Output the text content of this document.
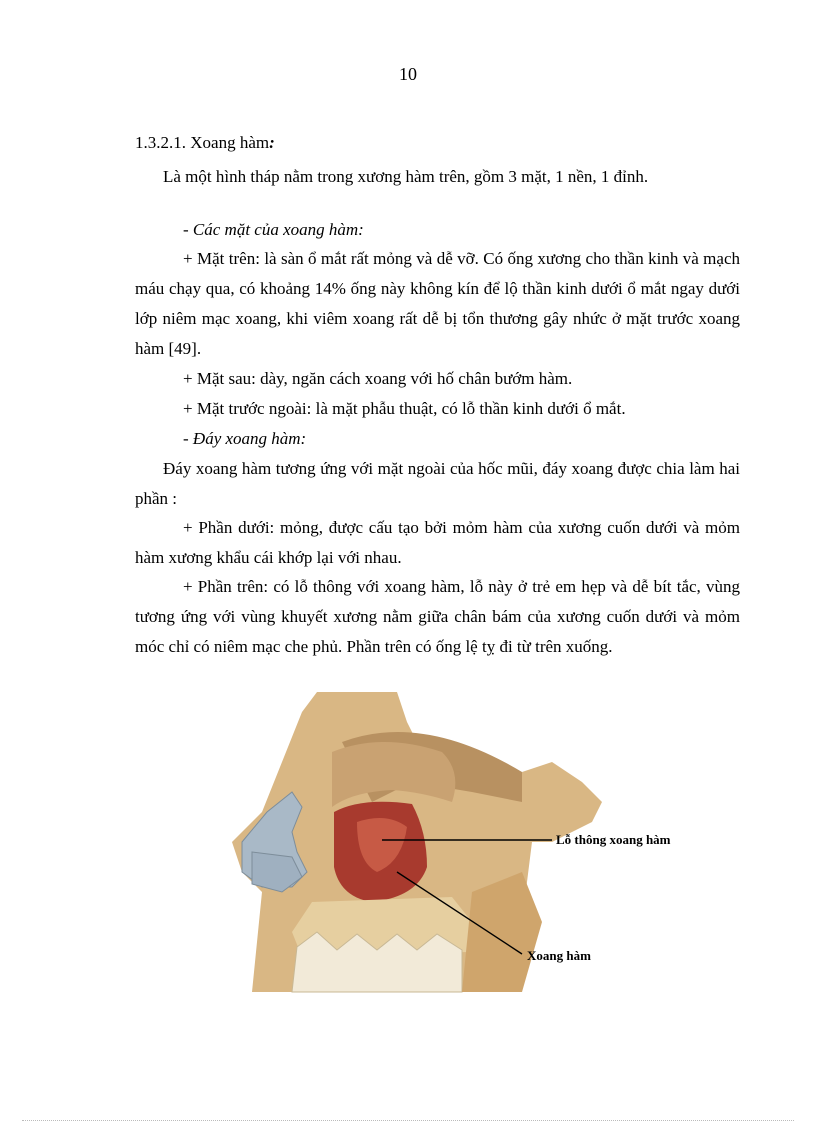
10
1.3.2.1. Xoang hàm:
Là một hình tháp nằm trong xương hàm trên, gồm 3 mặt, 1 nền, 1 đỉnh.
- Các mặt của xoang hàm:
+ Mặt trên: là sàn ổ mắt rất mỏng và dễ vỡ. Có ống xương cho thần kinh và mạch máu chạy qua, có khoảng 14% ống này không kín để lộ thần kinh dưới ổ mắt ngay dưới lớp niêm mạc xoang, khi viêm xoang rất dễ bị tổn thương gây nhức ở mặt trước xoang hàm [49].
+ Mặt sau: dày, ngăn cách xoang với hố chân bướm hàm.
+ Mặt trước ngoài: là mặt phẫu thuật, có lỗ thần kinh dưới ổ mắt.
- Đáy xoang hàm:
Đáy xoang hàm tương ứng với mặt ngoài của hốc mũi, đáy xoang được chia làm hai phần :
+ Phần dưới: mỏng, được cấu tạo bởi mỏm hàm của xương cuốn dưới và mỏm hàm xương khẩu cái khớp lại với nhau.
+ Phần trên: có lỗ thông với xoang hàm, lỗ này ở trẻ em hẹp và dễ bít tắc, vùng tương ứng với vùng khuyết xương nằm giữa chân bám của xương cuốn dưới và mỏm móc chỉ có niêm mạc che phủ. Phần trên có ống lệ tỵ đi từ trên xuống.
Lỗ thông xoang hàm
Xoang hàm
